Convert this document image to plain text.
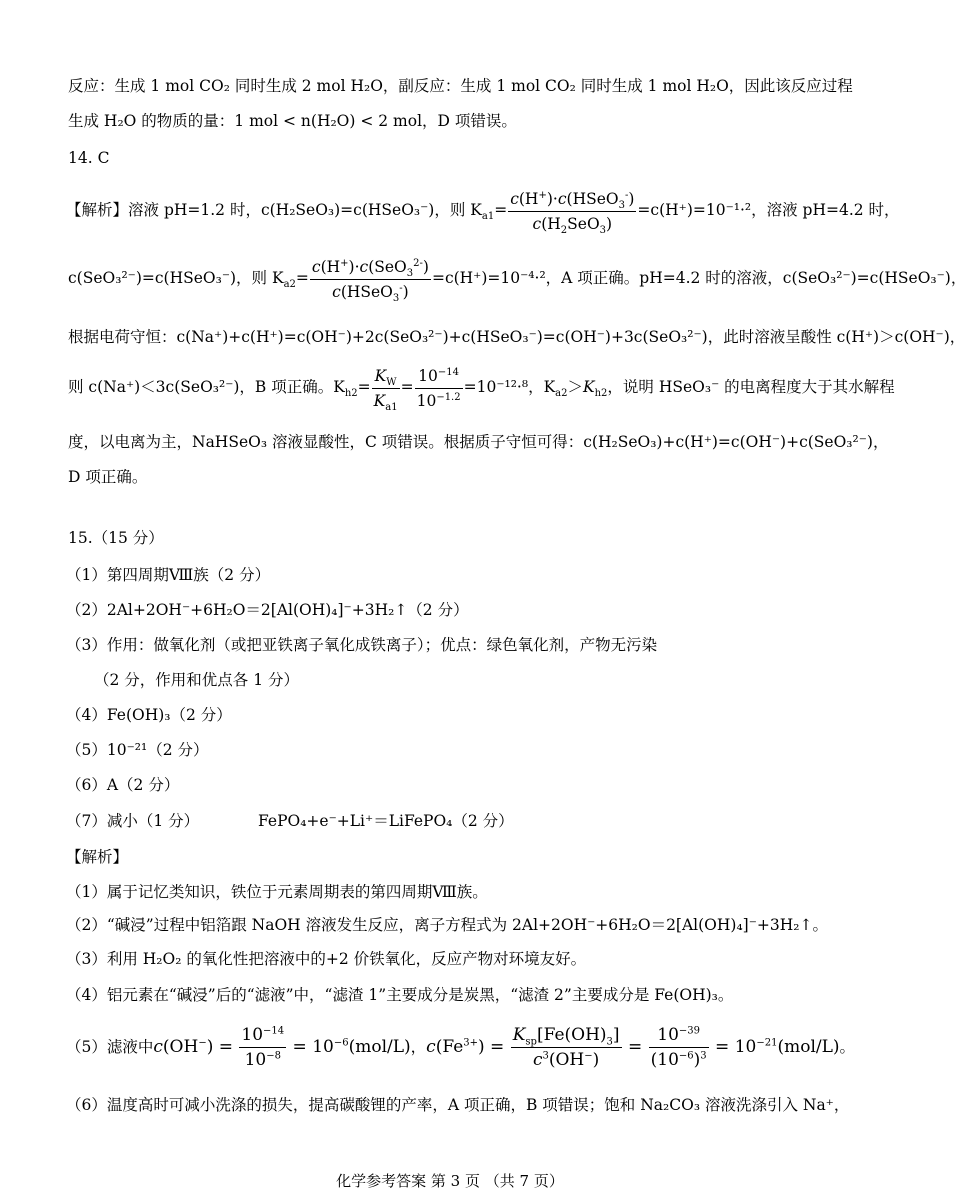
反应：生成 1 mol CO₂ 同时生成 2 mol H₂O，副反应：生成 1 mol CO₂ 同时生成 1 mol H₂O，因此该反应过程
生成 H₂O 的物质的量：1 mol < n(H₂O) < 2 mol，D 项错误。
14. C
【解析】溶液 pH=1.2 时，c(H₂SeO₃)=c(HSeO₃⁻)，则 $K_{a1}= \frac{c(H^+)\cdot c(HSeO_3^-)}{c(H_2SeO_3)} =c(H^+)=10^{-1}\cdot^2$，溶液 pH=4.2 时，
c(SeO₃²⁻)=c(HSeO₃⁻)，则 $K_{a2}= \frac{c(H^+)\cdot c(SeO_3^{2-})}{c(HSeO_3^-)} =c(H^+)=10^{-4}\cdot^2$，A 项正确。pH=4.2 时的溶液，c(SeO₃²⁻)=c(HSeO₃⁻)，
根据电荷守恒：c(Na⁺)+c(H⁺)=c(OH⁻)+2c(SeO₃²⁻)+c(HSeO₃⁻)=c(OH⁻)+3c(SeO₃²⁻)，此时溶液呈酸性 c(H⁺)＞c(OH⁻)，
则 c(Na⁺)＜3c(SeO₃²⁻)，B 项正确。$K_{h2}= \frac{K_W}{K_{a1}} = \frac{10^{-14}}{10^{-1.2}} =10^{-12}\cdot^8$，$K_{a2}>K_{h2}$，说明 HSeO₃⁻ 的电离程度大于其水解程
度，以电离为主，NaHSeO₃ 溶液显酸性，C 项错误。根据质子守恒可得：c(H₂SeO₃)+c(H⁺)=c(OH⁻)+c(SeO₃²⁻)，
D 项正确。
15.（15 分）
（1）第四周期Ⅷ族（2 分）
（2）2Al+2OH⁻+6H₂O＝2[Al(OH)₄]⁻+3H₂↑（2 分）
（3）作用：做氧化剂（或把亚铁离子氧化成铁离子）；优点：绿色氧化剂，产物无污染
（2 分，作用和优点各 1 分）
（4）Fe(OH)₃（2 分）
（5）10⁻²¹（2 分）
（6）A（2 分）
（7）减小（1 分）	FePO₄+e⁻+Li⁺＝LiFePO₄（2 分）
【解析】
（1）属于记忆类知识，铁位于元素周期表的第四周期Ⅷ族。
（2）“碱浸”过程中铝箔跟 NaOH 溶液发生反应，离子方程式为 2Al+2OH⁻+6H₂O＝2[Al(OH)₄]⁻+3H₂↑。
（3）利用 H₂O₂ 的氧化性把溶液中的+2 价铁氧化，反应产物对环境友好。
（4）铝元素在“碱浸”后的“滤液”中，“滤渣 1”主要成分是炭黑，“滤渣 2”主要成分是 Fe(OH)₃。
（5）滤液中$c(OH^-) = \frac{10^{-14}}{10^{-8}} = 10^{-6}(mol/L)$，$c(Fe^{3+}) = \frac{K_{sp}[Fe(OH)_3]}{c^3(OH^-)} = \frac{10^{-39}}{(10^{-6})^3} = 10^{-21}(mol/L)$。
（6）温度高时可减小洗涤的损失，提高碳酸锂的产率，A 项正确，B 项错误；饱和 Na₂CO₃ 溶液洗涤引入 Na⁺，
化学参考答案 第 3 页 （共 7 页）
